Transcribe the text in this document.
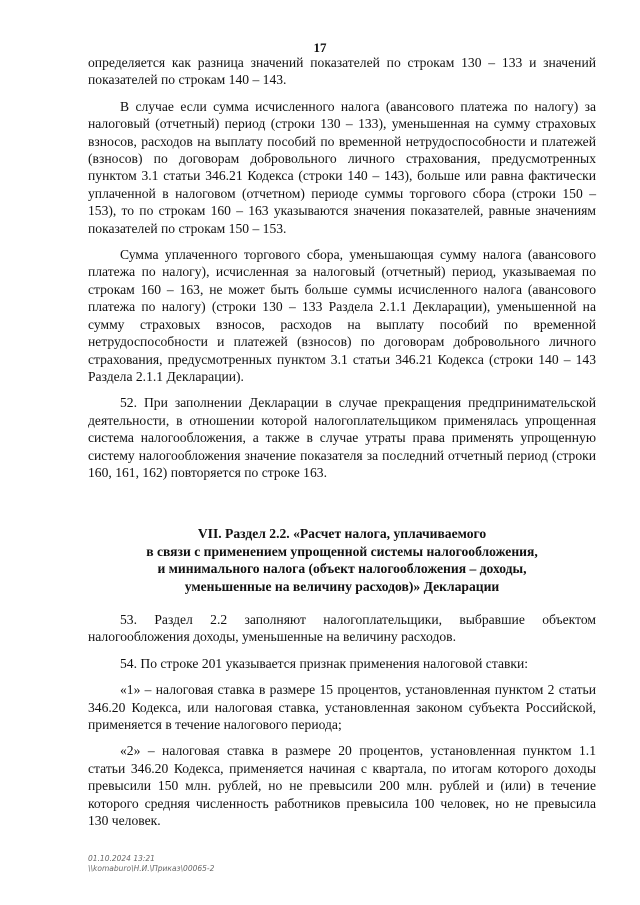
17

определяется как разница значений показателей по строкам 130 – 133 и значений показателей по строкам 140 – 143.

В случае если сумма исчисленного налога (авансового платежа по налогу) за налоговый (отчетный) период (строки 130 – 133), уменьшенная на сумму страховых взносов, расходов на выплату пособий по временной нетрудоспособности и платежей (взносов) по договорам добровольного личного страхования, предусмотренных пунктом 3.1 статьи 346.21 Кодекса (строки 140 – 143), больше или равна фактически уплаченной в налоговом (отчетном) периоде суммы торгового сбора (строки 150 – 153), то по строкам 160 – 163 указываются значения показателей, равные значениям показателей по строкам 150 – 153.

Сумма уплаченного торгового сбора, уменьшающая сумму налога (авансового платежа по налогу), исчисленная за налоговый (отчетный) период, указываемая по строкам 160 – 163, не может быть больше суммы исчисленного налога (авансового платежа по налогу) (строки 130 – 133 Раздела 2.1.1 Декларации), уменьшенной на сумму страховых взносов, расходов на выплату пособий по временной нетрудоспособности и платежей (взносов) по договорам добровольного личного страхования, предусмотренных пунктом 3.1 статьи 346.21 Кодекса (строки 140 – 143 Раздела 2.1.1 Декларации).

52. При заполнении Декларации в случае прекращения предпринимательской деятельности, в отношении которой налогоплательщиком применялась упрощенная система налогообложения, а также в случае утраты права применять упрощенную систему налогообложения значение показателя за последний отчетный период (строки 160, 161, 162) повторяется по строке 163.

VII. Раздел 2.2. «Расчет налога, уплачиваемого
в связи с применением упрощенной системы налогообложения,
и минимального налога (объект налогообложения – доходы,
уменьшенные на величину расходов)» Декларации

53. Раздел 2.2 заполняют налогоплательщики, выбравшие объектом налогообложения доходы, уменьшенные на величину расходов.

54. По строке 201 указывается признак применения налоговой ставки:

«1» – налоговая ставка в размере 15 процентов, установленная пунктом 2 статьи 346.20 Кодекса, или налоговая ставка, установленная законом субъекта Российской, применяется в течение налогового периода;

«2» – налоговая ставка в размере 20 процентов, установленная пунктом 1.1 статьи 346.20 Кодекса, применяется начиная с квартала, по итогам которого доходы превысили 150 млн. рублей, но не превысили 200 млн. рублей и (или) в течение которого средняя численность работников превысила 100 человек, но не превысила 130 человек.

01.10.2024 13:21
\\komaburo\Н.И.\Приказ\00065-2
